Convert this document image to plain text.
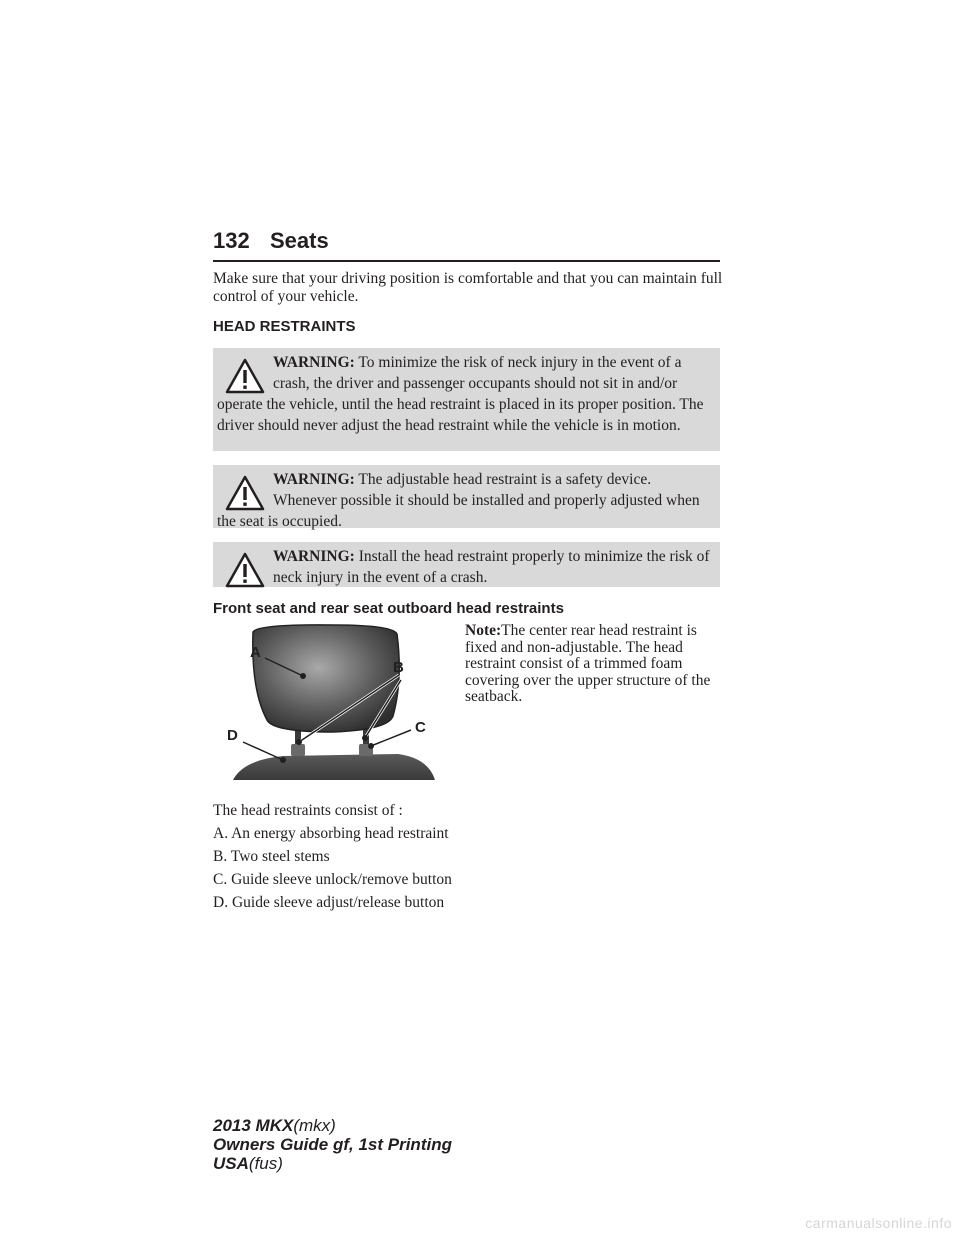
132 Seats
Make sure that your driving position is comfortable and that you can maintain full control of your vehicle.
HEAD RESTRAINTS
WARNING: To minimize the risk of neck injury in the event of a crash, the driver and passenger occupants should not sit in and/or operate the vehicle, until the head restraint is placed in its proper position. The driver should never adjust the head restraint while the vehicle is in motion.
WARNING: The adjustable head restraint is a safety device. Whenever possible it should be installed and properly adjusted when the seat is occupied.
WARNING: Install the head restraint properly to minimize the risk of neck injury in the event of a crash.
Front seat and rear seat outboard head restraints
A
B
C
D
Note:The center rear head restraint is fixed and non-adjustable. The head restraint consist of a trimmed foam covering over the upper structure of the seatback.
The head restraints consist of :
A. An energy absorbing head restraint
B. Two steel stems
C. Guide sleeve unlock/remove button
D. Guide sleeve adjust/release button
2013 MKX(mkx)
Owners Guide gf, 1st Printing
USA(fus)
carmanualsonline.info
